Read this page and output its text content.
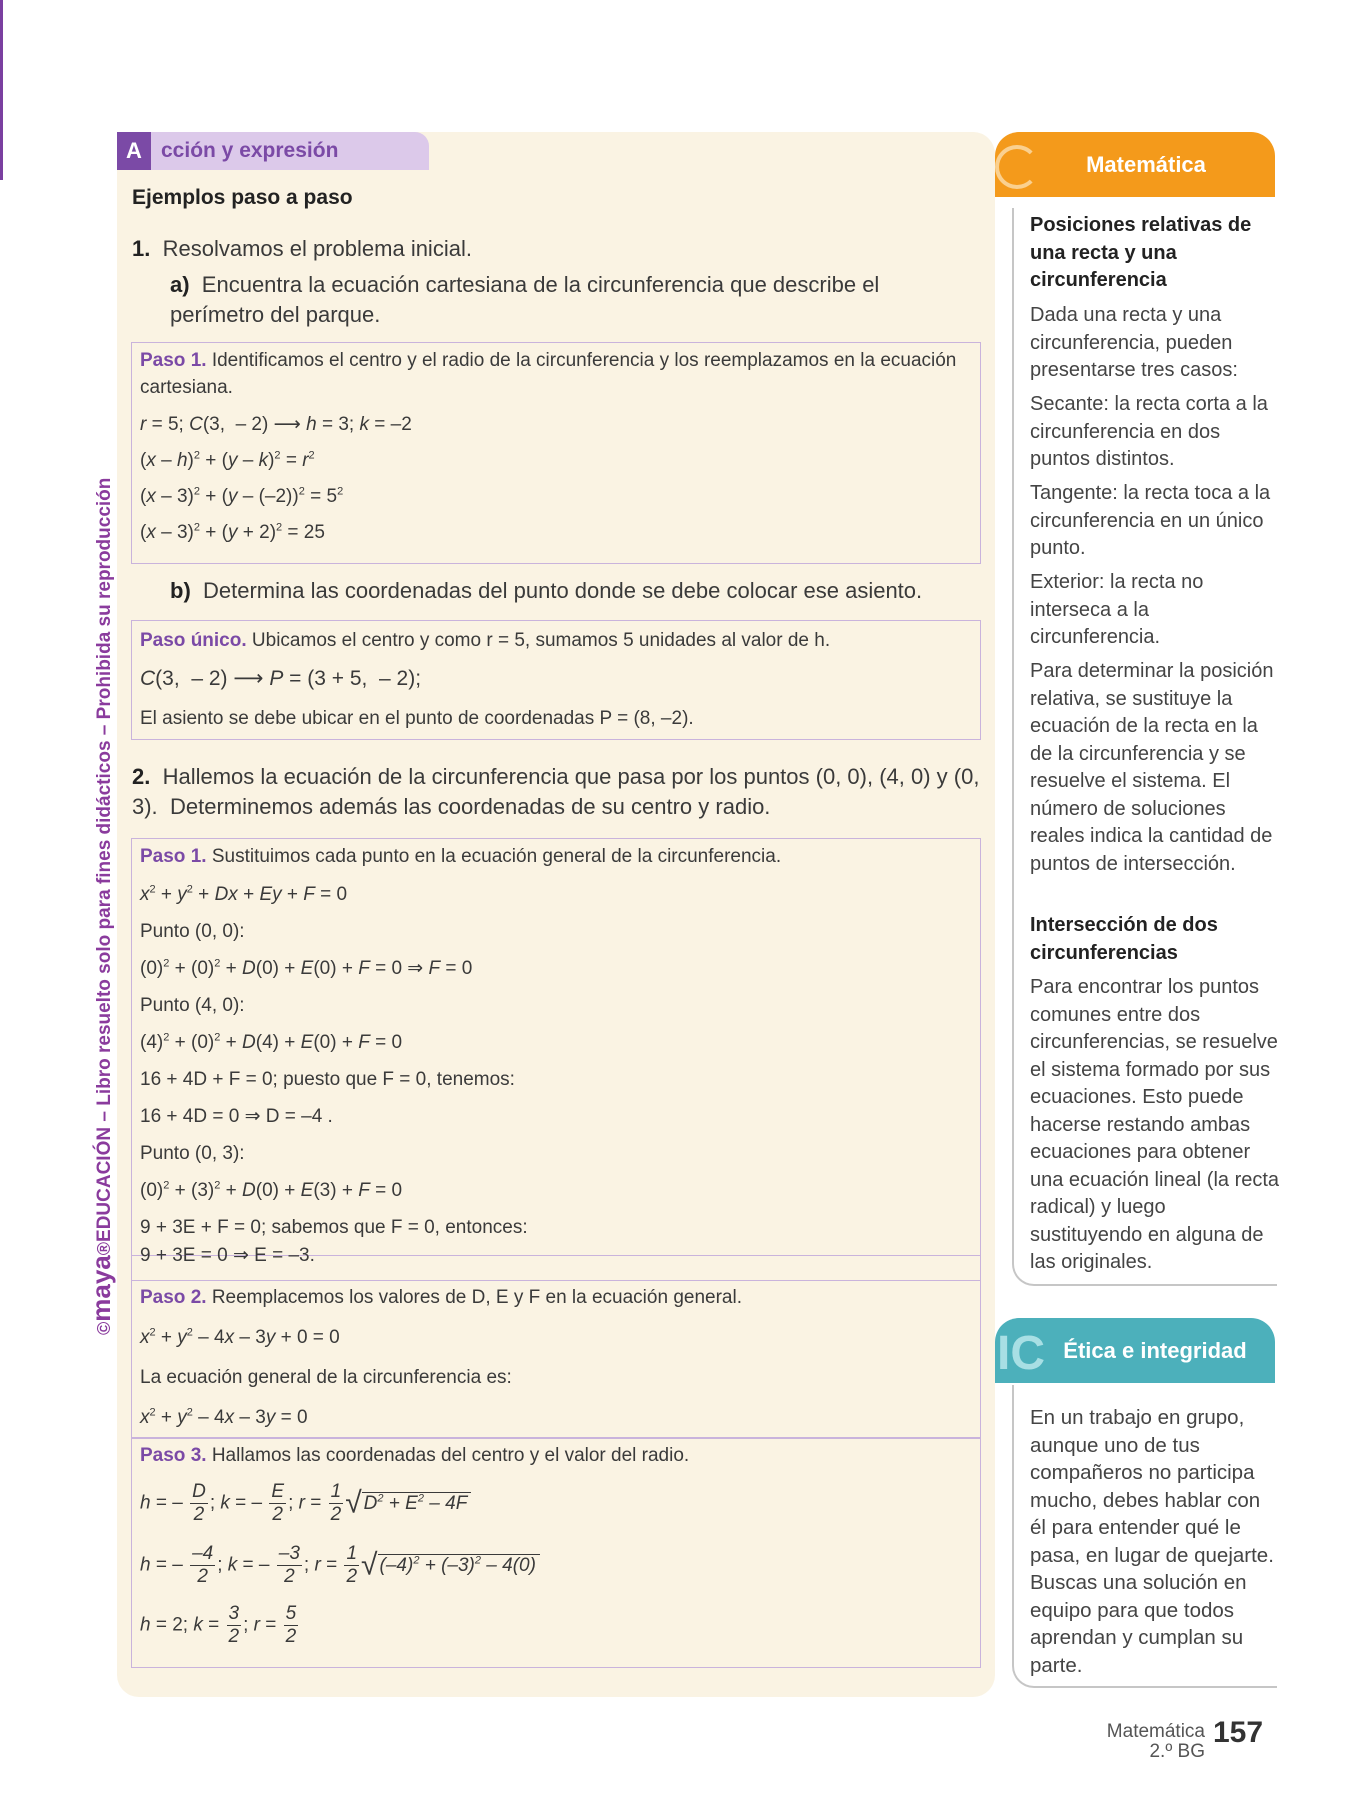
©maya®EDUCACIÓN – Libro resuelto solo para fines didácticos – Prohibida su reproducción
A cción y expresión
Ejemplos paso a paso
1. Resolvamos el problema inicial.
a) Encuentra la ecuación cartesiana de la circunferencia que describe el perímetro del parque.
Paso 1. Identificamos el centro y el radio de la circunferencia y los reemplazamos en la ecuación cartesiana.
r = 5; C(3,  – 2) ⟶ h = 3; k = –2
$(x - h)^2 + (y - k)^2 = r^2$
$(x - 3)^2 + (y - (-2))^2 = 5^2$
$(x - 3)^2 + (y + 2)^2 = 25$
b) Determina las coordenadas del punto donde se debe colocar ese asiento.
Paso único. Ubicamos el centro y como r = 5, sumamos 5 unidades al valor de h.
C(3,  – 2) ⟶ P = (3 + 5,  – 2);
El asiento se debe ubicar en el punto de coordenadas P = (8, –2).
2. Hallemos la ecuación de la circunferencia que pasa por los puntos (0, 0), (4, 0) y (0, 3). Determinemos además las coordenadas de su centro y radio.
Paso 1. Sustituimos cada punto en la ecuación general de la circunferencia.
$x^2 + y^2 + Dx + Ey + F = 0$
Punto (0, 0):
$(0)^2 + (0)^2 + D(0) + E(0) + F = 0$ ⇒ F = 0
Punto (4, 0):
$(4)^2 + (0)^2 + D(4) + E(0) + F = 0$
16 + 4D + F = 0; puesto que F = 0, tenemos:
16 + 4D = 0 ⇒ D = –4 .
Punto (0, 3):
$(0)^2 + (3)^2 + D(0) + E(3) + F = 0$
9 + 3E + F = 0; sabemos que F = 0, entonces:
9 + 3E = 0 ⇒ E = –3.
Paso 2. Reemplacemos los valores de D, E y F en la ecuación general.
$x^2 + y^2 - 4x - 3y + 0 = 0$
La ecuación general de la circunferencia es:
$x^2 + y^2 - 4x - 3y = 0$
Paso 3. Hallamos las coordenadas del centro y el valor del radio.
h = – $\frac{D}{2}$ ; k = – $\frac{E}{2}$ ; $r = \frac{1}{2}$ √ $D^2 + E^2 - 4F$
h = – $\frac{-4}{2}$ ; k = – $\frac{-3}{2}$ ; $r = \frac{1}{2}$ √ $(-4)^2 + (-3)^2 - 4(0)$
h = 2; $k = \frac{3}{2}$ ; $r = \frac{5}{2}$
Matemática
Posiciones relativas de una recta y una circunferencia
Dada una recta y una circunferencia, pueden presentarse tres casos:
Secante: la recta corta a la circunferencia en dos puntos distintos.
Tangente: la recta toca a la circunferencia en un único punto.
Exterior: la recta no interseca a la circunferencia.
Para determinar la posición relativa, se sustituye la ecuación de la recta en la de la circunferencia y se resuelve el sistema. El número de soluciones reales indica la cantidad de puntos de intersección.
Intersección de dos circunferencias
Para encontrar los puntos comunes entre dos circunferencias, se resuelve el sistema formado por sus ecuaciones. Esto puede hacerse restando ambas ecuaciones para obtener una ecuación lineal (la recta radical) y luego sustituyendo en alguna de las originales.
Ética e integridad
IC
En un trabajo en grupo, aunque uno de tus compañeros no participa mucho, debes hablar con él para entender qué le pasa, en lugar de quejarte. Buscas una solución en equipo para que todos aprendan y cumplan su parte.
Matemática
2.º BG
157
